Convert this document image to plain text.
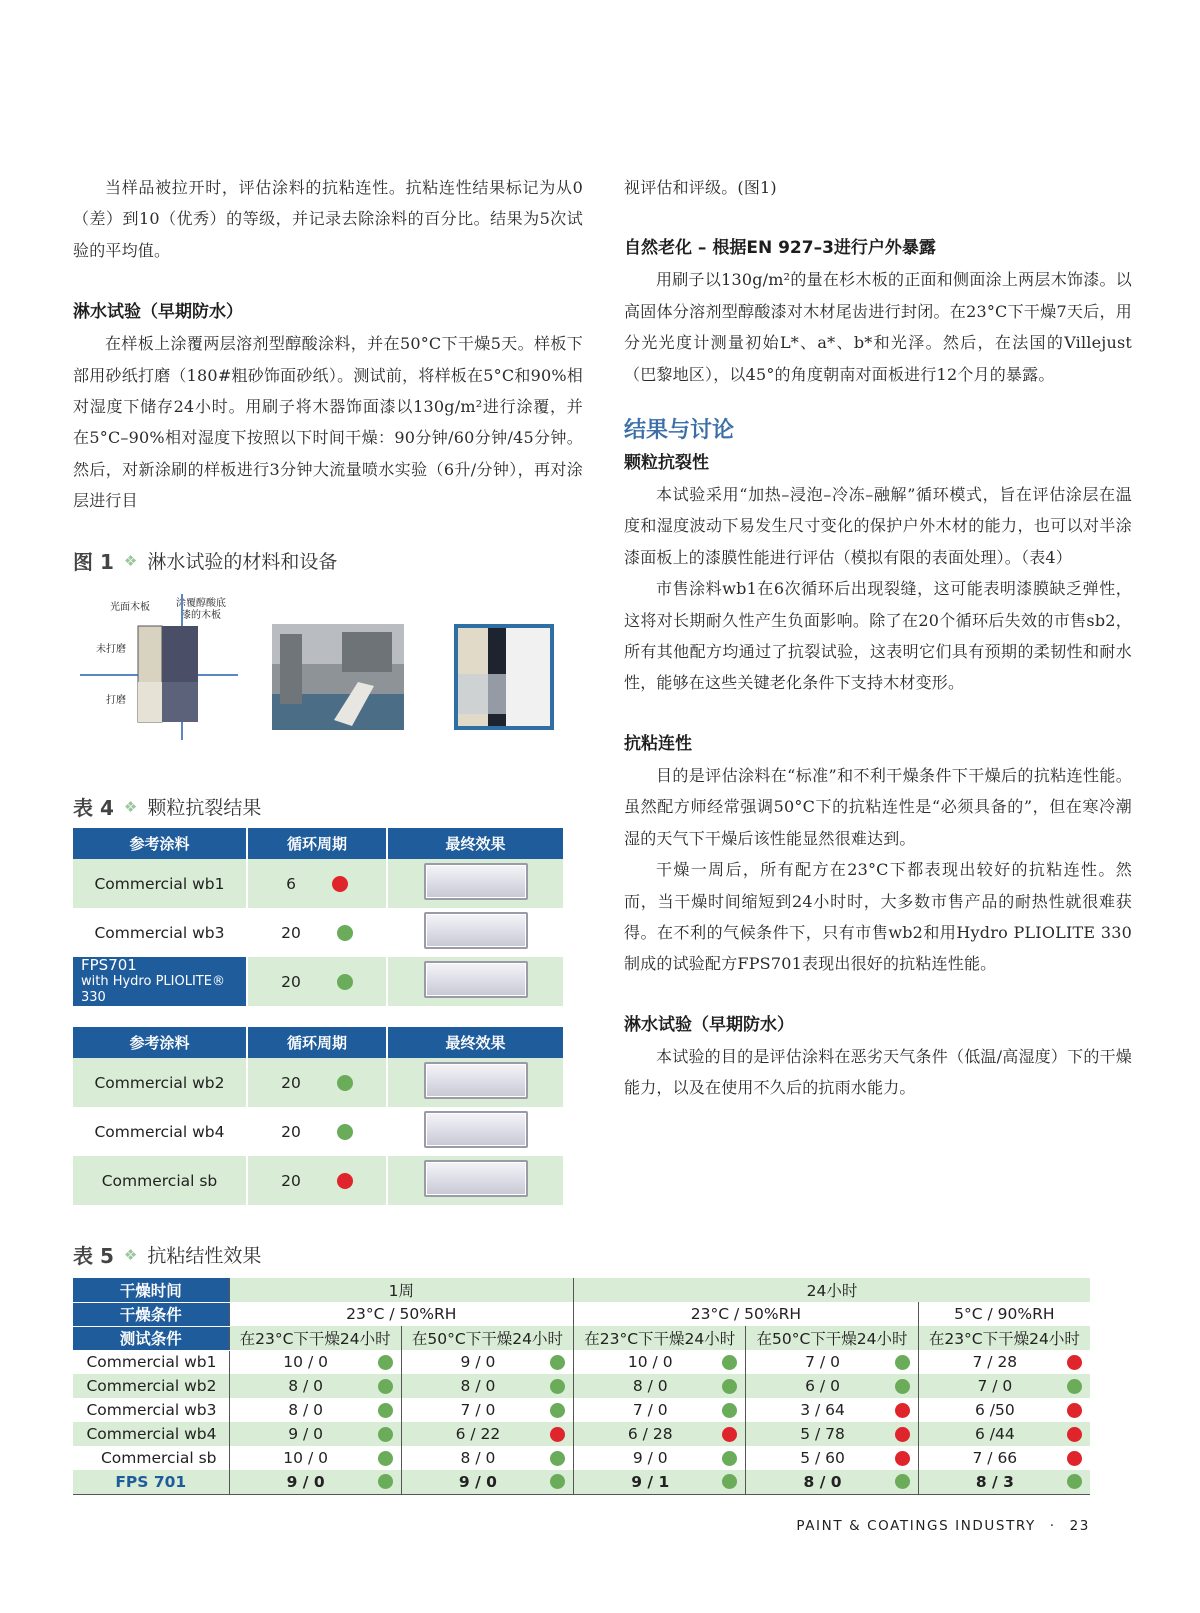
当样品被拉开时，评估涂料的抗粘连性。抗粘连性结果标记为从0（差）到10（优秀）的等级，并记录去除涂料的百分比。结果为5次试验的平均值。

淋水试验（早期防水）

在样板上涂覆两层溶剂型醇酸涂料，并在50°C下干燥5天。样板下部用砂纸打磨（180#粗砂饰面砂纸）。测试前，将样板在5°C和90%相对湿度下储存24小时。用刷子将木器饰面漆以130g/m²进行涂覆，并在5°C–90%相对湿度下按照以下时间干燥：90分钟/60分钟/45分钟。然后，对新涂刷的样板进行3分钟大流量喷水实验（6升/分钟），再对涂层进行目

图 1 ❖ 淋水试验的材料和设备
光面木板	涂覆醇酸底漆的木板
未打磨
打磨
表 4 ❖ 颗粒抗裂结果
参考涂料	循环周期	最终效果
Commercial wb1	6	

Commercial wb3	20	

FPS701
with Hydro PLIOLITE® 330	20	

参考涂料	循环周期	最终效果
Commercial wb2	20	

Commercial wb4	20	

Commercial sb	20	

表 5 ❖ 抗粘结性效果
干燥时间	1周		24小时		
干燥条件	23°C / 50%RH		23°C / 50%RH		5°C / 90%RH
测试条件	在23°C下干燥24小时	在50°C下干燥24小时	在23°C下干燥24小时	在50°C下干燥24小时	在23°C下干燥24小时
Commercial wb1	10 / 0	9 / 0	10 / 0	7 / 0	7 / 28

Commercial wb2	8 / 0	8 / 0	8 / 0	6 / 0	7 / 0

Commercial wb3	8 / 0	7 / 0	7 / 0	3 / 64	6 /50

Commercial wb4	9 / 0	6 / 22	6 / 28	5 / 78	6 /44

Commercial sb	10 / 0	8 / 0	9 / 0	5 / 60	7 / 66

FPS 701	9 / 0	9 / 0	9 / 1	8 / 0	8 / 3

视评估和评级。(图1)

自然老化 – 根据EN 927–3进行户外暴露

用刷子以130g/m²的量在杉木板的正面和侧面涂上两层木饰漆。以高固体分溶剂型醇酸漆对木材尾齿进行封闭。在23°C下干燥7天后，用分光光度计测量初始L*、a*、b*和光泽。然后，在法国的Villejust（巴黎地区），以45°的角度朝南对面板进行12个月的暴露。

结果与讨论
颗粒抗裂性

本试验采用“加热–浸泡–冷冻–融解”循环模式，旨在评估涂层在温度和湿度波动下易发生尺寸变化的保护户外木材的能力，也可以对半涂漆面板上的漆膜性能进行评估（模拟有限的表面处理）。（表4）

市售涂料wb1在6次循环后出现裂缝，这可能表明漆膜缺乏弹性，这将对长期耐久性产生负面影响。除了在20个循环后失效的市售sb2，所有其他配方均通过了抗裂试验，这表明它们具有预期的柔韧性和耐水性，能够在这些关键老化条件下支持木材变形。

抗粘连性

目的是评估涂料在“标准”和不利干燥条件下干燥后的抗粘连性能。虽然配方师经常强调50°C下的抗粘连性是“必须具备的”，但在寒冷潮湿的天气下干燥后该性能显然很难达到。

干燥一周后，所有配方在23°C下都表现出较好的抗粘连性。然而，当干燥时间缩短到24小时时，大多数市售产品的耐热性就很难获得。在不利的气候条件下，只有市售wb2和用Hydro PLIOLITE 330制成的试验配方FPS701表现出很好的抗粘连性能。

淋水试验（早期防水）

本试验的目的是评估涂料在恶劣天气条件（低温/高湿度）下的干燥能力，以及在使用不久后的抗雨水能力。

PAINT & COATINGS INDUSTRY · 23
